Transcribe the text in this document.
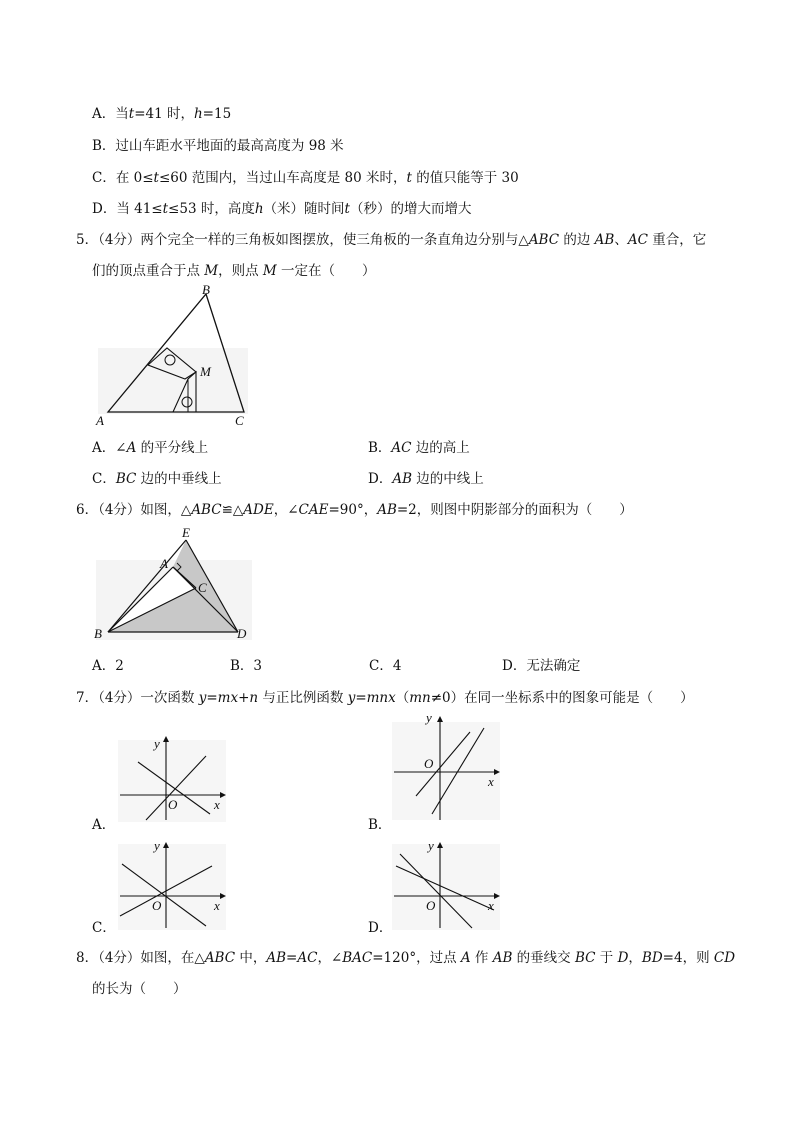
A．当t=41 时，h=15
B．过山车距水平地面的最高高度为 98 米
C．在 0≤t≤60 范围内，当过山车高度是 80 米时，t 的值只能等于 30
D．当 41≤t≤53 时，高度h（米）随时间t（秒）的增大而增大
5．（4分）两个完全一样的三角板如图摆放，使三角板的一条直角边分别与△ABC 的边 AB、AC 重合，它
们的顶点重合于点 M，则点 M 一定在（　　）
A
B
C
M
A．∠A 的平分线上	B．AC 边的高上
C．BC 边的中垂线上	D．AB 边的中线上
6．（4分）如图，△ABC≌△ADE，∠CAE=90°，AB=2，则图中阴影部分的面积为（　　）
E
A
C
B	D
A．2	B．3	C．4	D．无法确定
7．（4分）一次函数 y=mx+n 与正比例函数 y=mnx（mn≠0）在同一坐标系中的图象可能是（　　）
y
O	x
A．
y
O
x
B．
y
O	x
C．
y
O	x
D．
8．（4分）如图，在△ABC 中，AB=AC，∠BAC=120°，过点 A 作 AB 的垂线交 BC 于 D，BD=4，则 CD
的长为（　　）
